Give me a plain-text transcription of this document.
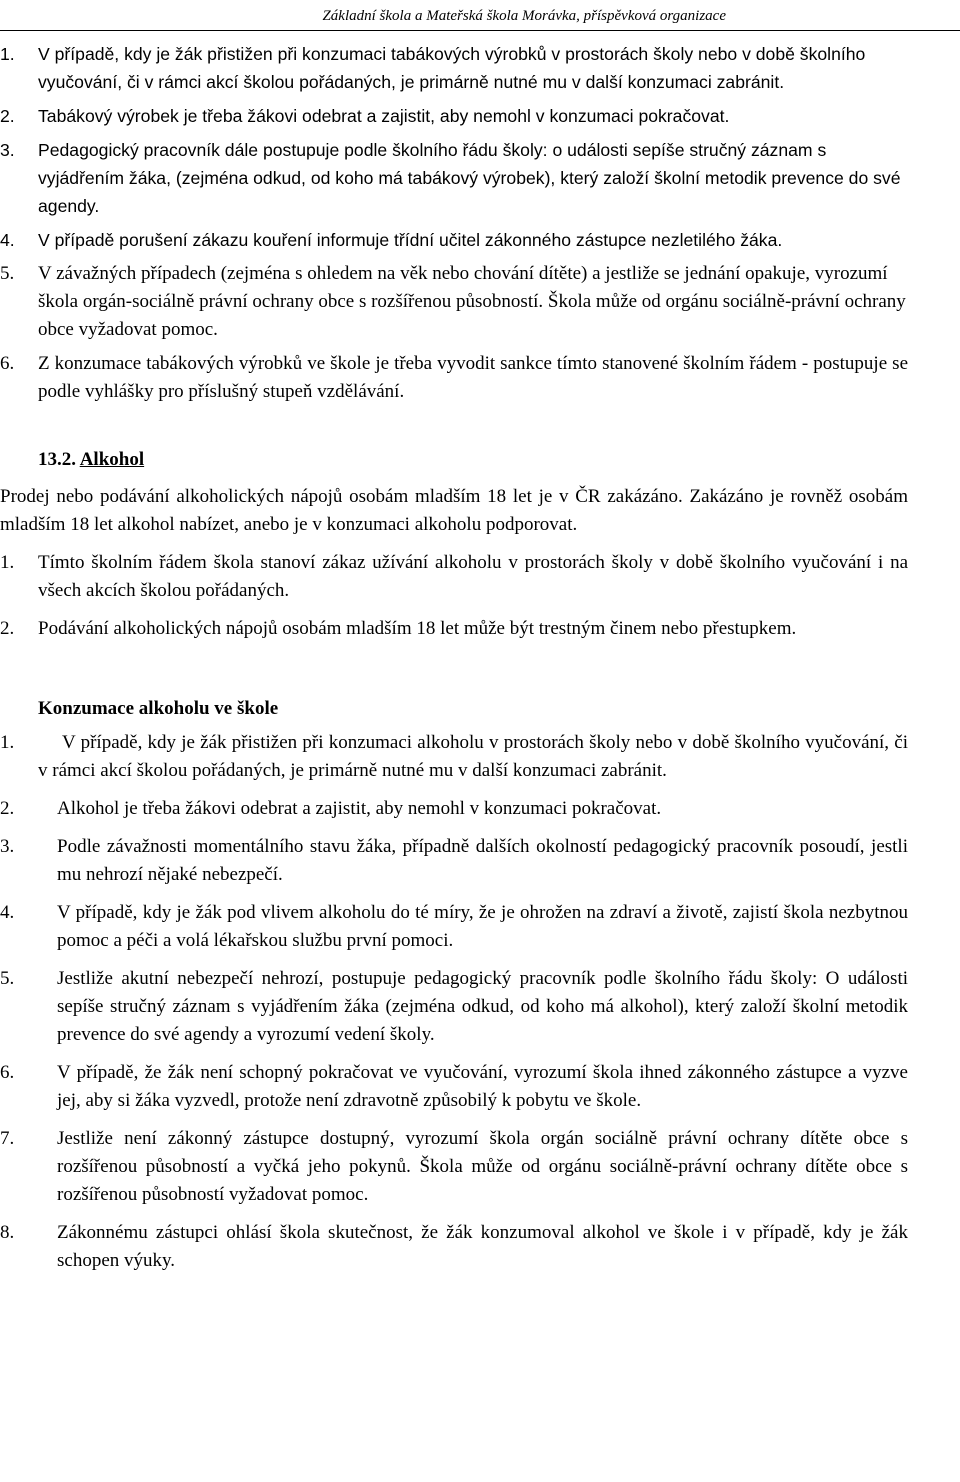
Základní škola a Mateřská škola Morávka, příspěvková organizace
1. V případě, kdy je žák přistižen při konzumaci tabákových výrobků v prostorách školy nebo v době školního vyučování, či v rámci akcí školou pořádaných, je primárně nutné mu v další konzumaci zabránit.
2. Tabákový výrobek je třeba žákovi odebrat a zajistit, aby nemohl v konzumaci pokračovat.
3. Pedagogický pracovník dále postupuje podle školního řádu školy: o události sepíše stručný záznam s vyjádřením žáka, (zejména odkud, od koho má tabákový výrobek), který založí školní metodik prevence do své agendy.
4. V případě porušení zákazu kouření informuje třídní učitel zákonného zástupce nezletilého žáka.
5. V závažných případech (zejména s ohledem na věk nebo chování dítěte) a jestliže se jednání opakuje, vyrozumí škola orgán-sociálně právní ochrany obce s rozšířenou působností. Škola může od orgánu sociálně-právní ochrany obce vyžadovat pomoc.
6. Z konzumace tabákových výrobků ve škole je třeba vyvodit sankce tímto stanovené školním řádem - postupuje se podle vyhlášky pro příslušný stupeň vzdělávání.
13.2. Alkohol
Prodej nebo podávání alkoholických nápojů osobám mladším 18 let je v ČR zakázáno. Zakázáno je rovněž osobám mladším 18 let alkohol nabízet, anebo je v konzumaci alkoholu podporovat.
1. Tímto školním řádem škola stanoví zákaz užívání alkoholu v prostorách školy v době školního vyučování i na všech akcích školou pořádaných.
2. Podávání alkoholických nápojů osobám mladším 18 let může být trestným činem nebo přestupkem.
Konzumace alkoholu ve škole
1.	V případě, kdy je žák přistižen při konzumaci alkoholu v prostorách školy nebo v době školního vyučování, či v rámci akcí školou pořádaných, je primárně nutné mu v další konzumaci zabránit.
2. Alkohol je třeba žákovi odebrat a zajistit, aby nemohl v konzumaci pokračovat.
3. Podle závažnosti momentálního stavu žáka, případně dalších okolností pedagogický pracovník posoudí, jestli mu nehrozí nějaké nebezpečí.
4. V případě, kdy je žák pod vlivem alkoholu do té míry, že je ohrožen na zdraví a životě, zajistí škola nezbytnou pomoc a péči a volá lékařskou službu první pomoci.
5. Jestliže akutní nebezpečí nehrozí, postupuje pedagogický pracovník podle školního řádu školy: O události sepíše stručný záznam s vyjádřením žáka (zejména odkud, od koho má alkohol), který založí školní metodik prevence do své agendy a vyrozumí vedení školy.
6. V případě, že žák není schopný pokračovat ve vyučování, vyrozumí škola ihned zákonného zástupce a vyzve jej, aby si žáka vyzvedl, protože není zdravotně způsobilý k pobytu ve škole.
7. Jestliže není zákonný zástupce dostupný, vyrozumí škola orgán sociálně právní ochrany dítěte obce s rozšířenou působností a vyčká jeho pokynů. Škola může od orgánu sociálně-právní ochrany dítěte obce s rozšířenou působností vyžadovat pomoc.
8. Zákonnému zástupci ohlásí škola skutečnost, že žák konzumoval alkohol ve škole i v případě, kdy je žák schopen výuky.
